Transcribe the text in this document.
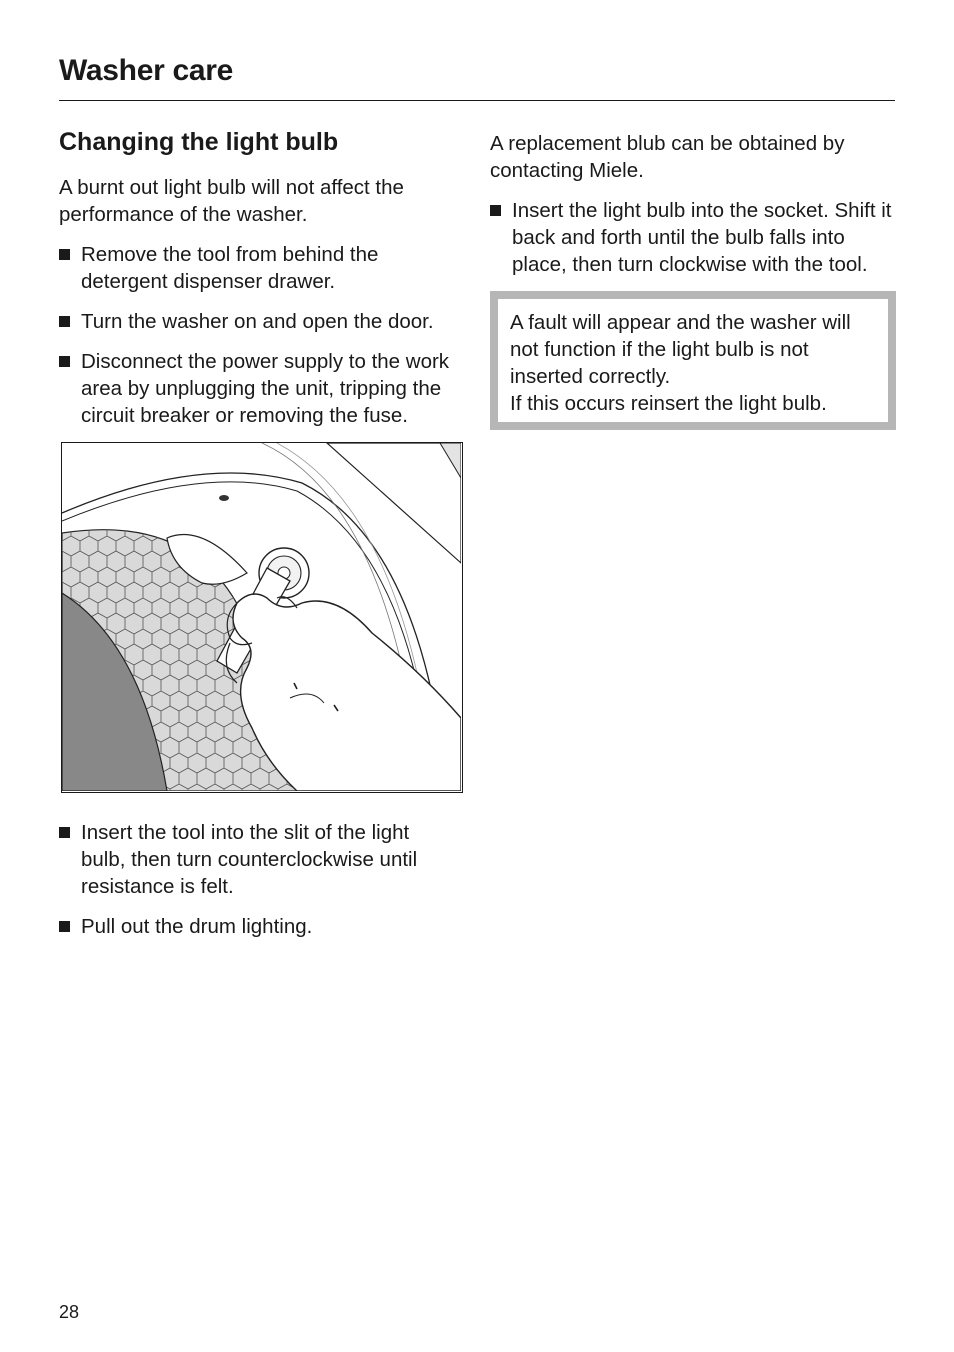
Washer care
Changing the light bulb

A burnt out light bulb will not affect the performance of the washer.

Remove the tool from behind the detergent dispenser drawer.
Turn the washer on and open the door.
Disconnect the power supply to the work area by unplugging the unit, tripping the circuit breaker or removing the fuse.
Insert the tool into the slit of the light bulb, then turn counterclockwise until resistance is felt.
Pull out the drum lighting.

A replacement blub can be obtained by contacting Miele.

Insert the light bulb into the socket. Shift it back and forth until the bulb falls into place, then turn clockwise with the tool.

A fault will appear and the washer will not function if the light bulb is not inserted correctly.

If this occurs reinsert the light bulb.

28
